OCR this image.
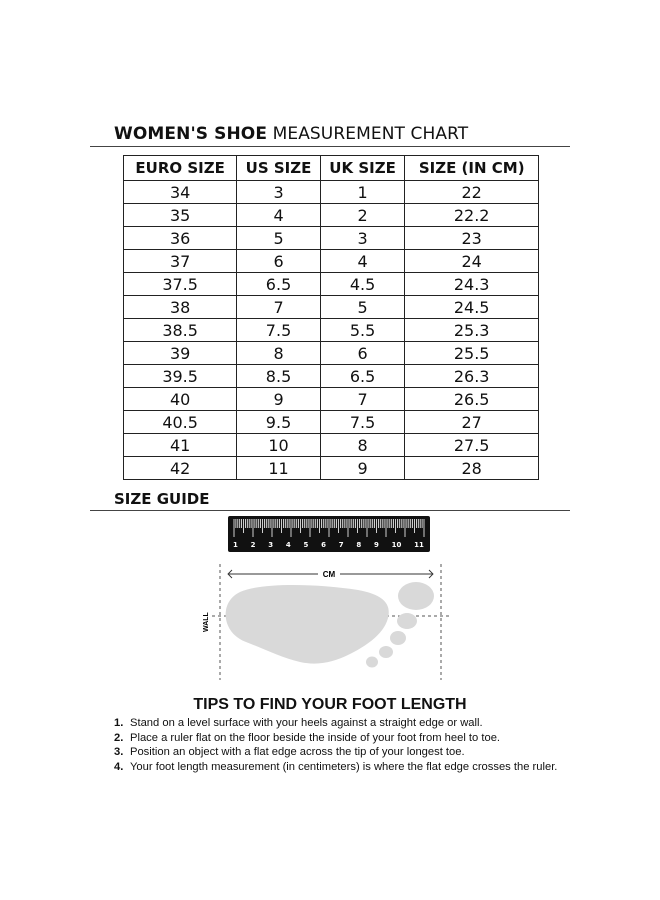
WOMEN'S SHOE MEASUREMENT CHART
EURO SIZE	US SIZE	UK SIZE	SIZE (IN CM)
34	3	1	22
35	4	2	22.2
36	5	3	23
37	6	4	24
37.5	6.5	4.5	24.3
38	7	5	24.5
38.5	7.5	5.5	25.3
39	8	6	25.5
39.5	8.5	6.5	26.3
40	9	7	26.5
40.5	9.5	7.5	27
41	10	8	27.5
42	11	9	28
SIZE GUIDE
1 2 3 4 5 6 7 8 9 10 11
CM
WALL
TIPS TO FIND YOUR FOOT LENGTH
1. Stand on a level surface with your heels against a straight edge or wall.
2. Place a ruler flat on the floor beside the inside of your foot from heel to toe.
3. Position an object with a flat edge across the tip of your longest toe.
4. Your foot length measurement (in centimeters) is where the flat edge crosses the ruler.
